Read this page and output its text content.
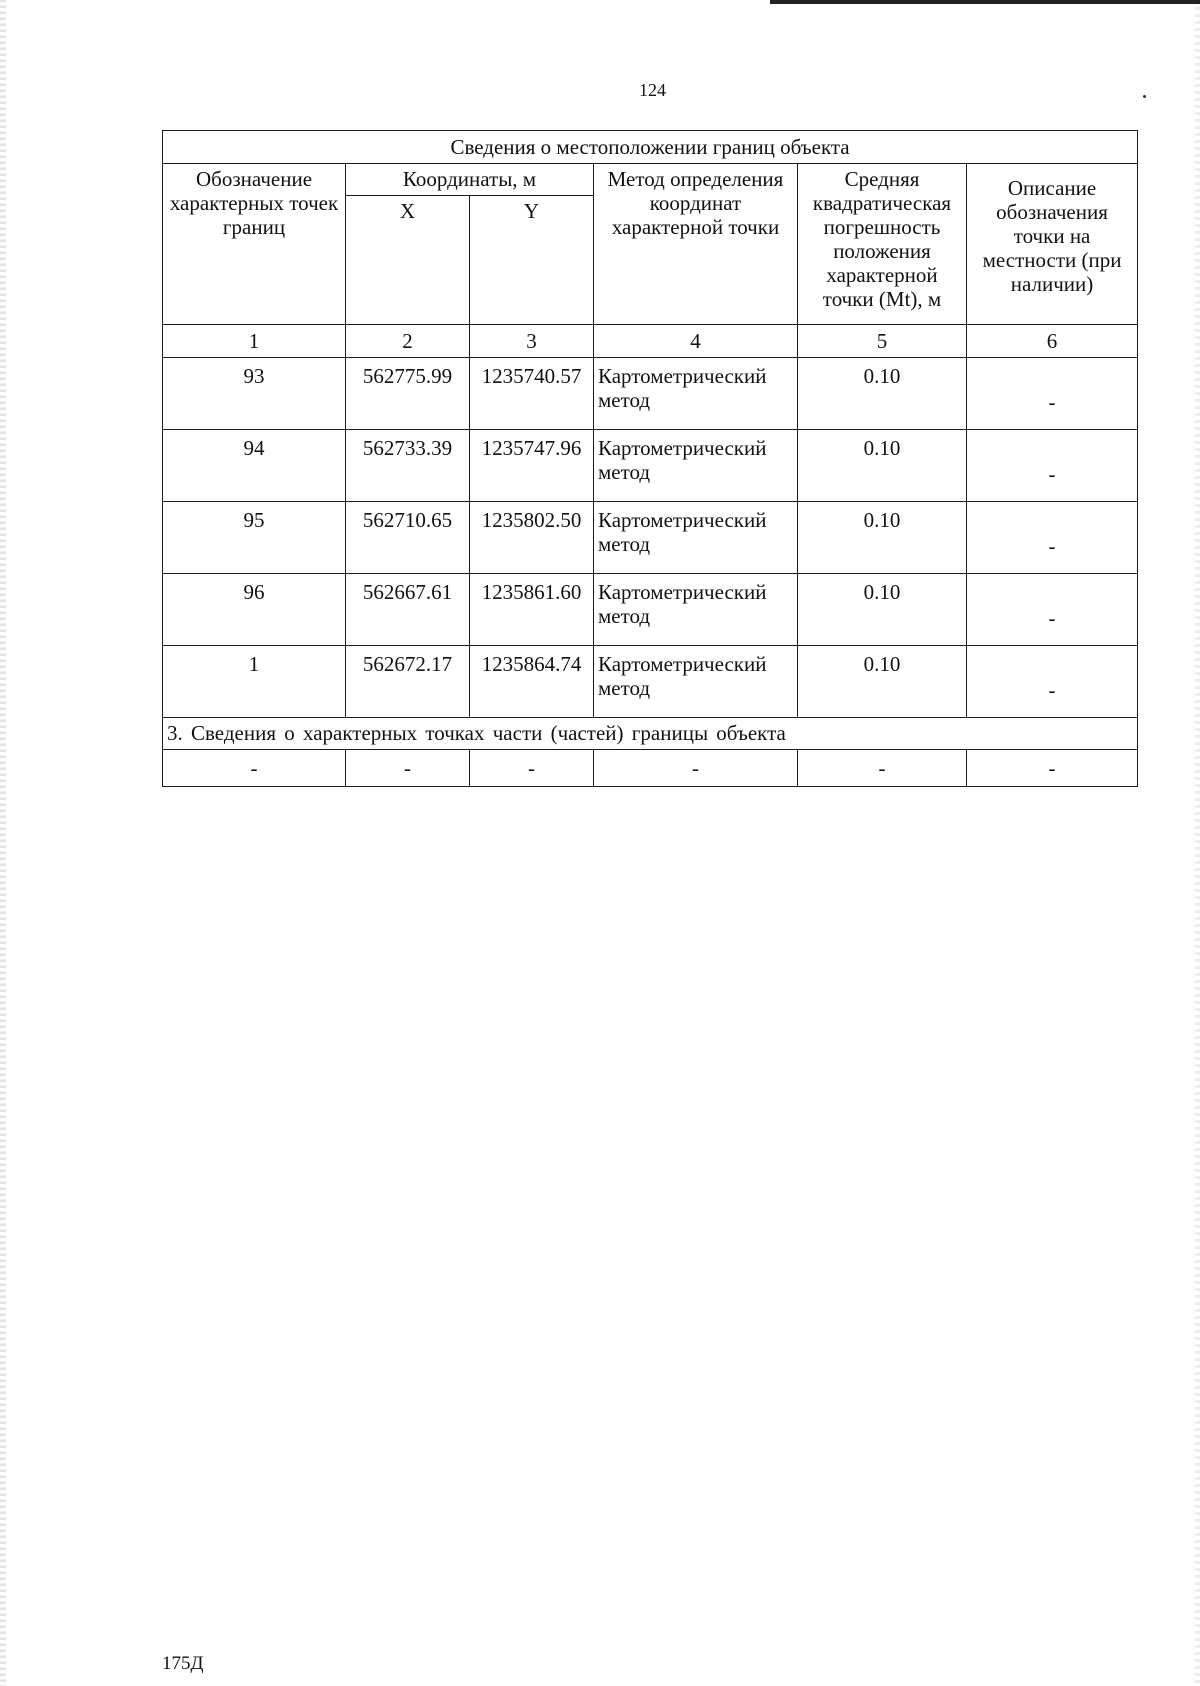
124
Сведения о местоположении границ объекта					
Обозначение характерных точек границ	Координаты, м		Метод определения координат характерной точки	Средняя квадратическая погрешность положения характерной точки (Mt), м	Описание обозначения точки на местности (при наличии)
	X	Y			
1	2	3	4	5	6
93	562775.99	1235740.57	Картометрический метод	0.10	-
94	562733.39	1235747.96	Картометрический метод	0.10	-
95	562710.65	1235802.50	Картометрический метод	0.10	-
96	562667.61	1235861.60	Картометрический метод	0.10	-
1	562672.17	1235864.74	Картометрический метод	0.10	-
3. Сведения о характерных точках части (частей) границы объекта					
-	-	-	-	-	-
175Д
